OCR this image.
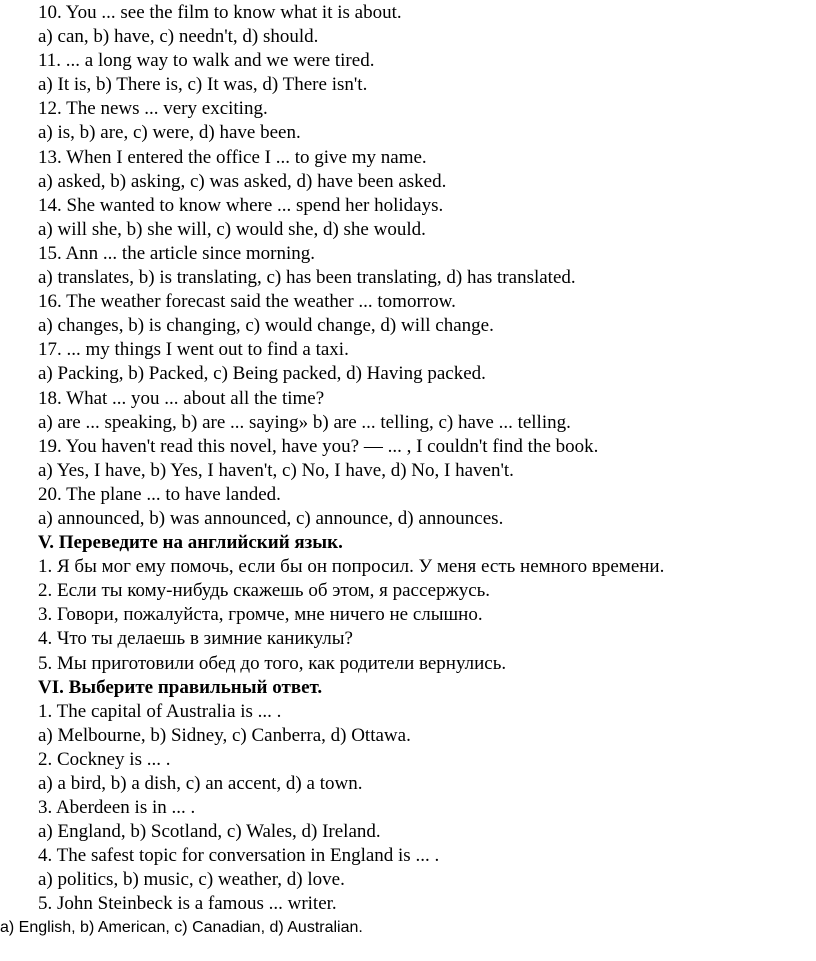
10. You ... see the film to know what it is about.
a) can, b) have, c) needn't, d) should.
11. ... a long way to walk and we were tired.
a) It is, b) There is, c) It was, d) There isn't.
12. The news ... very exciting.
a) is, b) are, c) were, d) have been.
13. When I entered the office I ... to give my name.
a) asked, b) asking, c) was asked, d) have been asked.
14. She wanted to know where ... spend her holidays.
a) will she, b) she will, c) would she, d) she would.
15. Ann ... the article since morning.
a) translates, b) is translating, c) has been translating, d) has translated.
16. The weather forecast said the weather ... tomorrow.
a) changes, b) is changing, c) would change, d) will change.
17. ... my things I went out to find a taxi.
a) Packing, b) Packed, c) Being packed, d) Having packed.
18. What ... you ... about all the time?
a) are ... speaking, b) are ... saying» b) are ... telling, c) have ... telling.
19. You haven't read this novel, have you? — ... , I couldn't find the book.
a) Yes, I have, b) Yes, I haven't, c) No, I have, d) No, I haven't.
20. The plane ... to have landed.
a) announced, b) was announced, c) announce, d) announces.
V. Переведите на английский язык.
1. Я бы мог ему помочь, если бы он попросил. У меня есть немного времени.
2. Если ты кому-нибудь скажешь об этом, я рассержусь.
3. Говори, пожалуйста, громче, мне ничего не слышно.
4. Что ты делаешь в зимние каникулы?
5. Мы приготовили обед до того, как родители вернулись.
VI. Выберите правильный ответ.
1. The capital of Australia is ... .
a) Melbourne, b) Sidney, c) Canberra, d) Ottawa.
2. Cockney is ... .
a) a bird, b) a dish, c) an accent, d) a town.
3. Aberdeen is in ... .
a) England, b) Scotland, c) Wales, d) Ireland.
4. The safest topic for conversation in England is ... .
a) politics, b) music, c) weather, d) love.
5. John Steinbeck is a famous ... writer.
a) English, b) American, c) Canadian, d) Australian.
